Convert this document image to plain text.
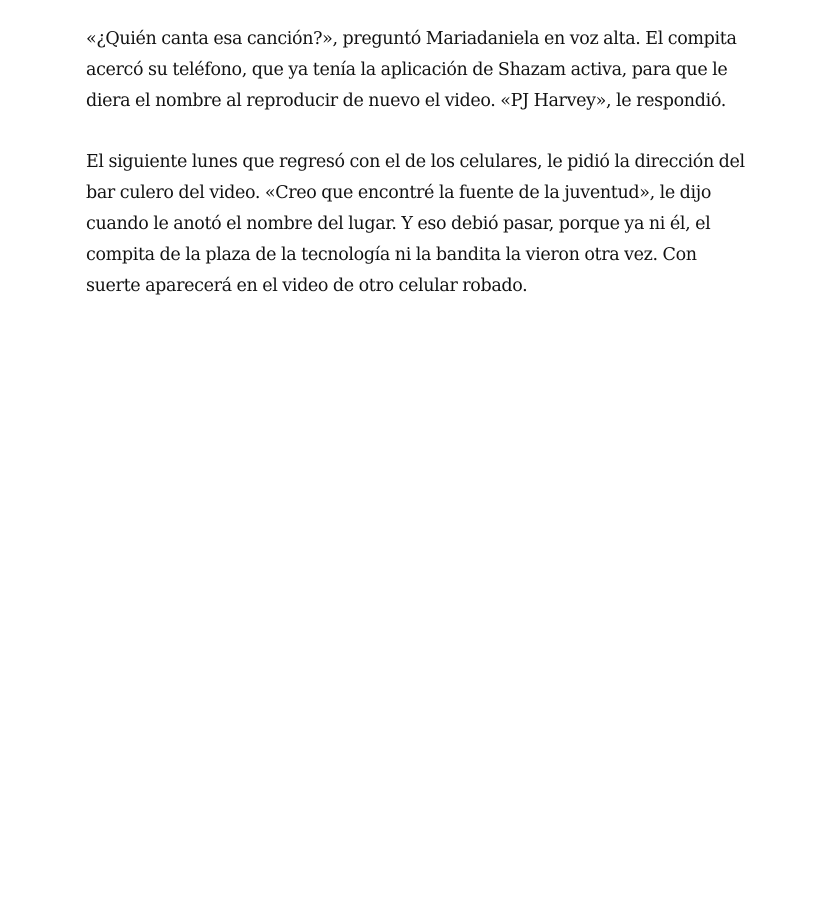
«¿Quién canta esa canción?», preguntó Mariadaniela en voz alta. El compita acercó su teléfono, que ya tenía la aplicación de Shazam activa, para que le diera el nombre al reproducir de nuevo el video. «PJ Harvey», le respondió.

El siguiente lunes que regresó con el de los celulares, le pidió la dirección del bar culero del video. «Creo que encontré la fuente de la juventud», le dijo cuando le anotó el nombre del lugar. Y eso debió pasar, porque ya ni él, el compita de la plaza de la tecnología ni la bandita la vieron otra vez. Con suerte aparecerá en el video de otro celular robado.
